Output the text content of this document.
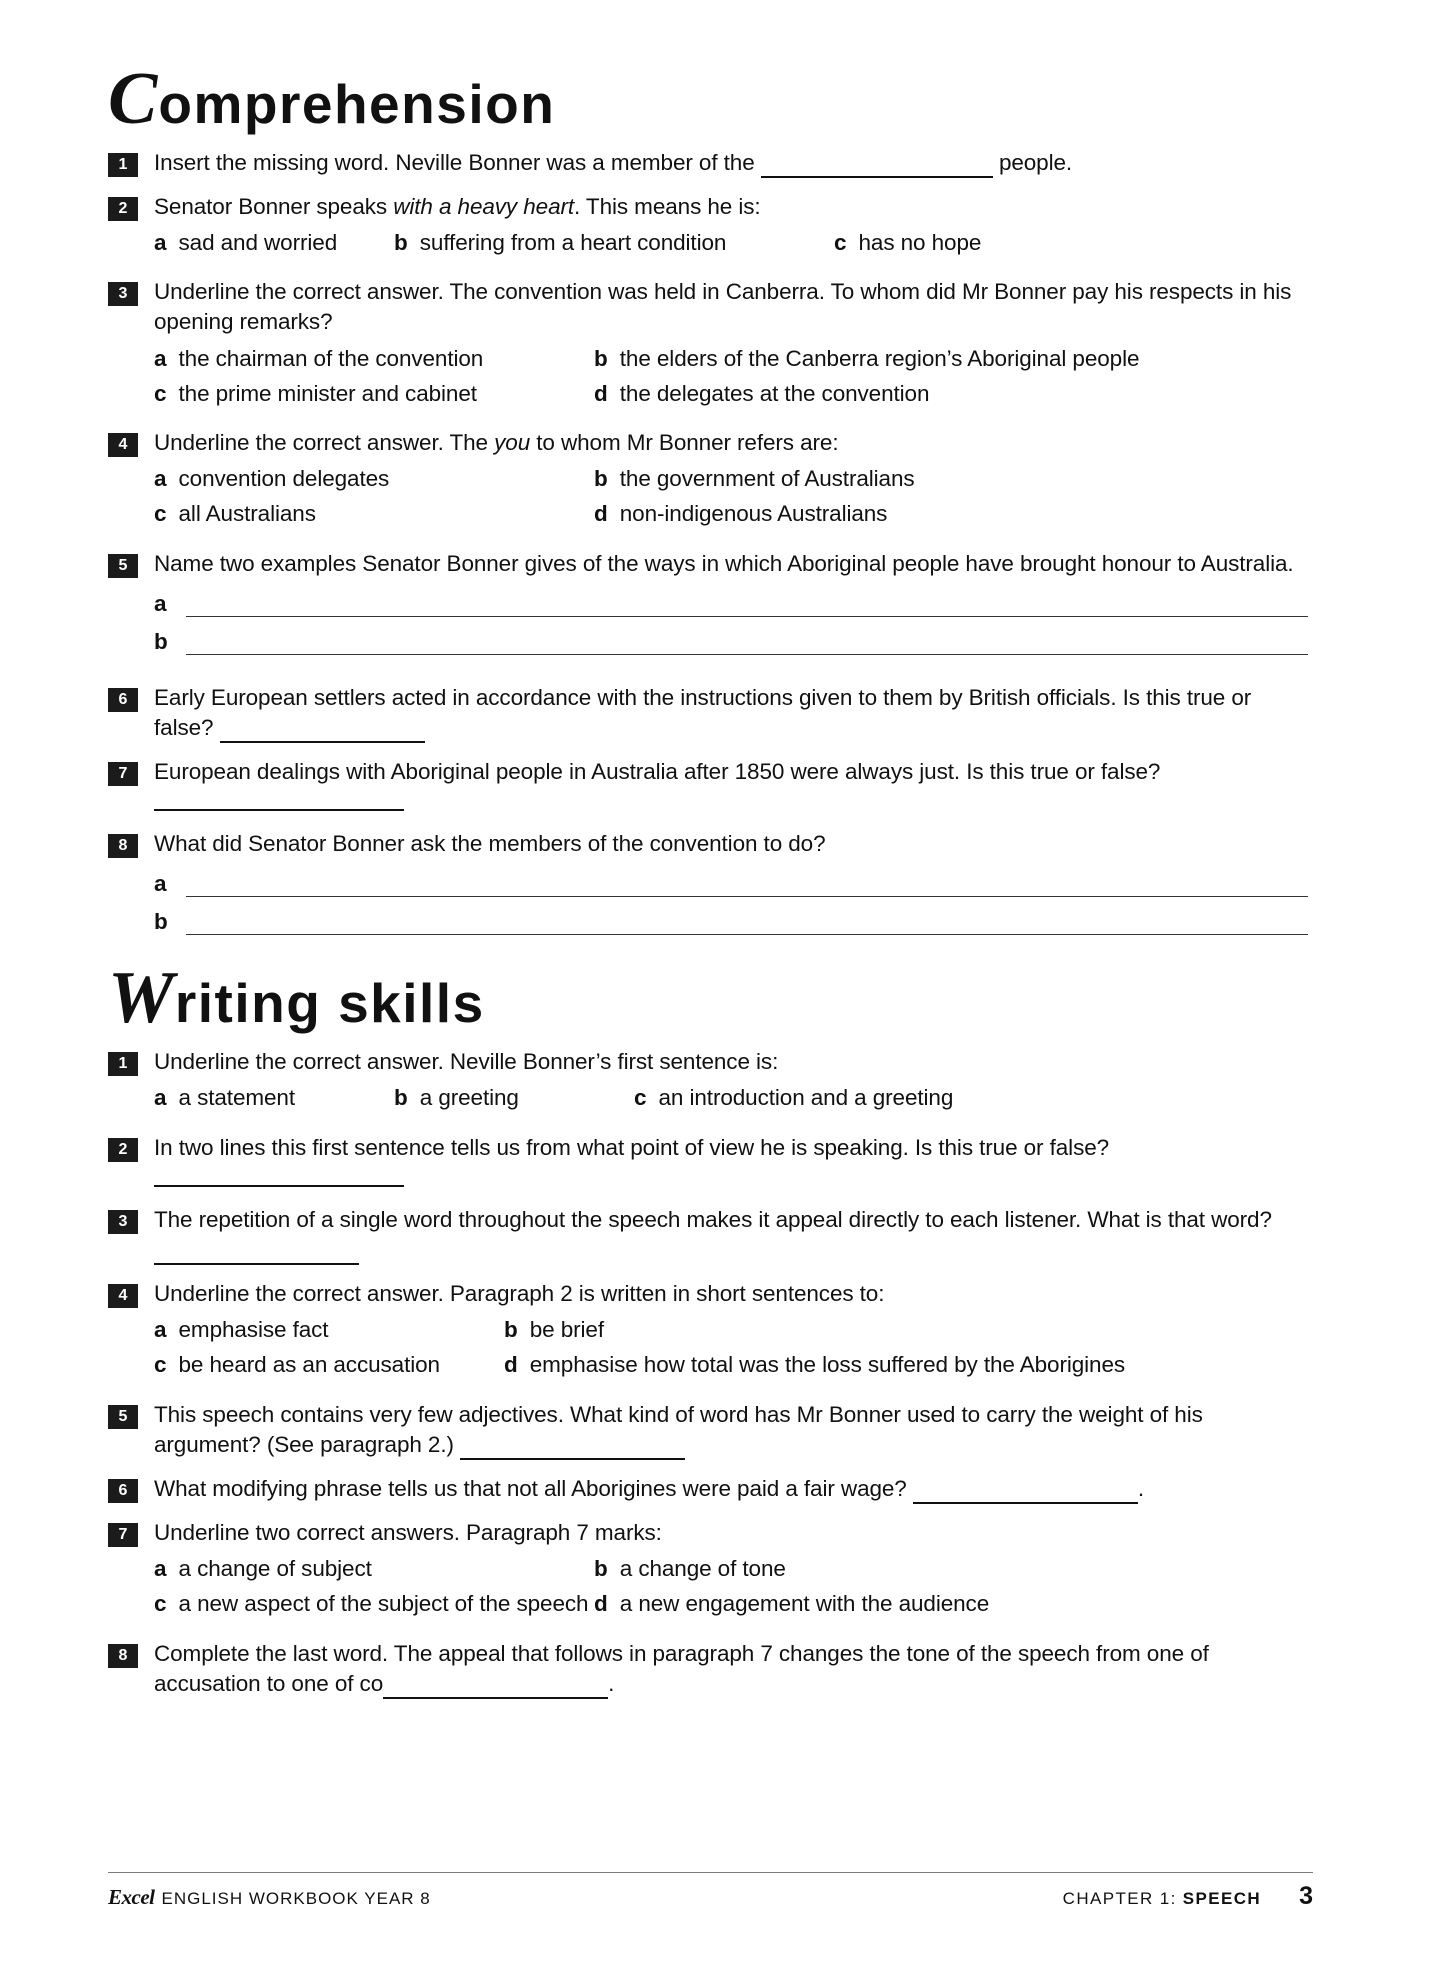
Comprehension
1	Insert the missing word. Neville Bonner was a member of the	people.
2	Senator Bonner speaks with a heavy heart. This means he is:
a sad and worried	b suffering from a heart condition	c has no hope
3	Underline the correct answer. The convention was held in Canberra. To whom did Mr Bonner pay his respects in his opening remarks?
a the chairman of the convention	b the elders of the Canberra region’s Aboriginal people
c the prime minister and cabinet	d the delegates at the convention
4	Underline the correct answer. The you to whom Mr Bonner refers are:
a convention delegates	b the government of Australians
c all Australians	d non-indigenous Australians
5	Name two examples Senator Bonner gives of the ways in which Aboriginal people have brought honour to Australia.
a
b
6	Early European settlers acted in accordance with the instructions given to them by British officials. Is this true or false?
7	European dealings with Aboriginal people in Australia after 1850 were always just. Is this true or false?
8	What did Senator Bonner ask the members of the convention to do?
a
b
Writing skills
1	Underline the correct answer. Neville Bonner’s first sentence is:
a a statement	b a greeting	c an introduction and a greeting
2	In two lines this first sentence tells us from what point of view he is speaking. Is this true or false?
3	The repetition of a single word throughout the speech makes it appeal directly to each listener. What is that word?
4	Underline the correct answer. Paragraph 2 is written in short sentences to:
a emphasise fact	b be brief
c be heard as an accusation	d emphasise how total was the loss suffered by the Aborigines
5	This speech contains very few adjectives. What kind of word has Mr Bonner used to carry the weight of his argument? (See paragraph 2.)
6	What modifying phrase tells us that not all Aborigines were paid a fair wage?	.
7	Underline two correct answers. Paragraph 7 marks:
a a change of subject	b a change of tone
c a new aspect of the subject of the speech d a new engagement with the audience
8	Complete the last word. The appeal that follows in paragraph 7 changes the tone of the speech from one of accusation to one of co	.
Excel ENGLISH WORKBOOK YEAR 8	CHAPTER 1: SPEECH 3
